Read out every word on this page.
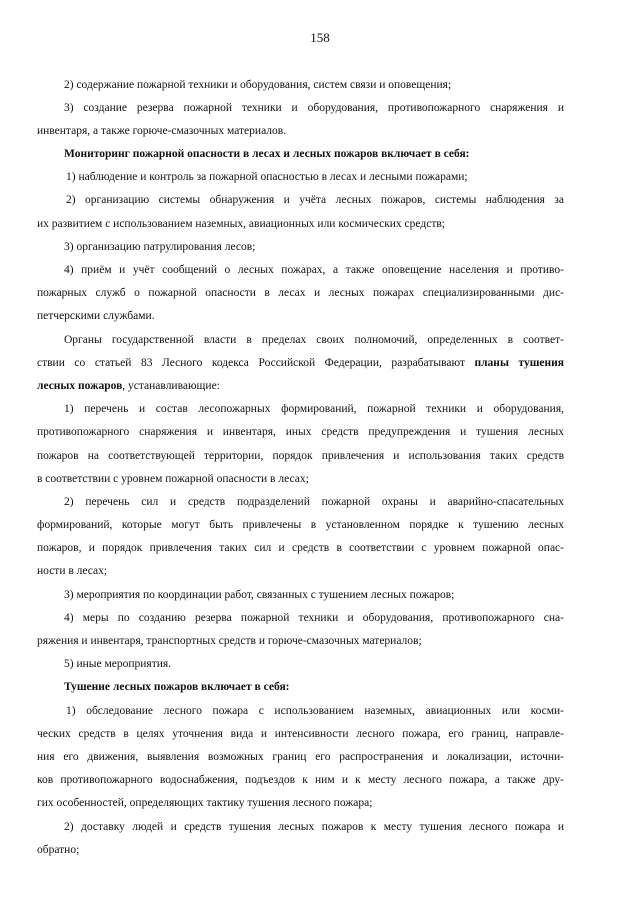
158
2) содержание пожарной техники и оборудования, систем связи и оповещения;
3) создание резерва пожарной техники и оборудования, противопожарного снаряжения и
инвентаря, а также горюче-смазочных материалов.
Мониторинг пожарной опасности в лесах и лесных пожаров включает в себя:
1) наблюдение и контроль за пожарной опасностью в лесах и лесными пожарами;
2) организацию системы обнаружения и учёта лесных пожаров, системы наблюдения за
их развитием с использованием наземных, авиационных или космических средств;
3) организацию патрулирования лесов;
4) приём и учёт сообщений о лесных пожарах, а также оповещение населения и противо-
пожарных служб о пожарной опасности в лесах и лесных пожарах специализированными дис-
петчерскими службами.
Органы государственной власти в пределах своих полномочий, определенных в соответ-
ствии со статьей 83 Лесного кодекса Российской Федерации, разрабатывают планы тушения
лесных пожаров, устанавливающие:
1) перечень и состав лесопожарных формирований, пожарной техники и оборудования,
противопожарного снаряжения и инвентаря, иных средств предупреждения и тушения лесных
пожаров на соответствующей территории, порядок привлечения и использования таких средств
в соответствии с уровнем пожарной опасности в лесах;
2) перечень сил и средств подразделений пожарной охраны и аварийно-спасательных
формирований, которые могут быть привлечены в установленном порядке к тушению лесных
пожаров, и порядок привлечения таких сил и средств в соответствии с уровнем пожарной опас-
ности в лесах;
3) мероприятия по координации работ, связанных с тушением лесных пожаров;
4) меры по созданию резерва пожарной техники и оборудования, противопожарного сна-
ряжения и инвентаря, транспортных средств и горюче-смазочных материалов;
5) иные мероприятия.
Тушение лесных пожаров включает в себя:
1) обследование лесного пожара с использованием наземных, авиационных или косми-
ческих средств в целях уточнения вида и интенсивности лесного пожара, его границ, направле-
ния его движения, выявления возможных границ его распространения и локализации, источни-
ков противопожарного водоснабжения, подъездов к ним и к месту лесного пожара, а также дру-
гих особенностей, определяющих тактику тушения лесного пожара;
2) доставку людей и средств тушения лесных пожаров к месту тушения лесного пожара и
обратно;
